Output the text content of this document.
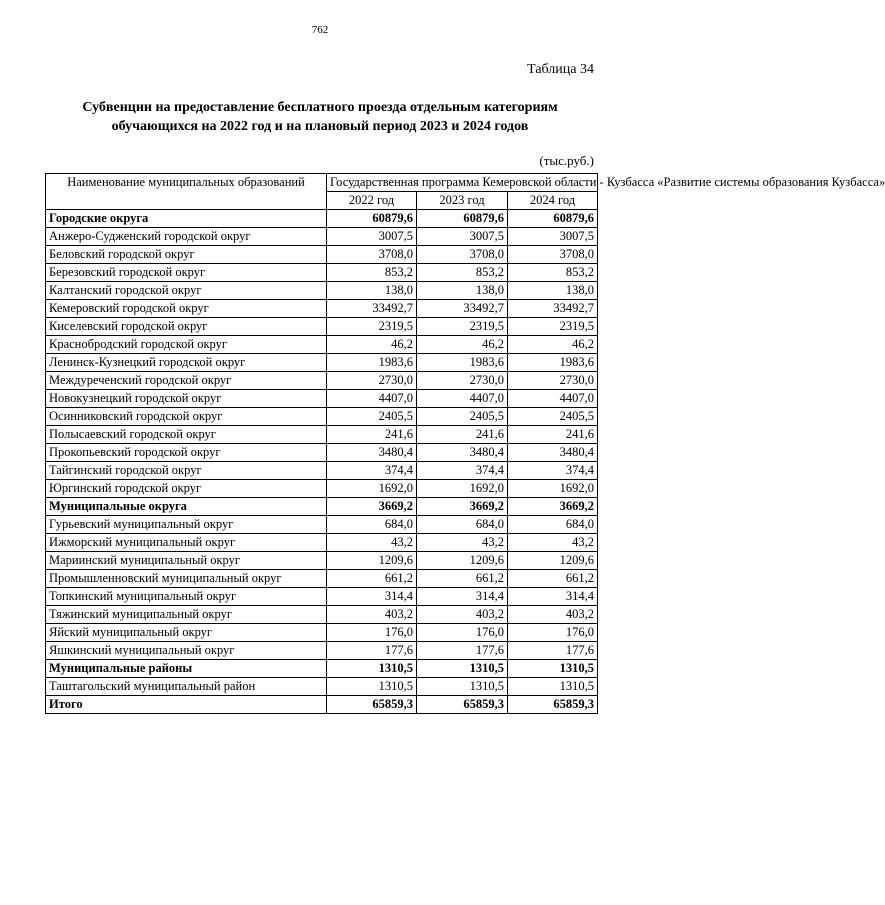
762
Таблица 34
Субвенции на предоставление бесплатного проезда отдельным категориям
обучающихся на 2022 год и на плановый период 2023 и 2024 годов
(тыс.руб.)
Наименование муниципальных образований	Государственная программа Кемеровской области - Кузбасса «Развитие системы образования Кузбасса»		
	2022 год	2023 год	2024 год
Городские округа	60879,6	60879,6	60879,6
Анжеро-Судженский городской округ	3007,5	3007,5	3007,5
Беловский городской округ	3708,0	3708,0	3708,0
Березовский городской округ	853,2	853,2	853,2
Калтанский городской округ	138,0	138,0	138,0
Кемеровский городской округ	33492,7	33492,7	33492,7
Киселевский городской округ	2319,5	2319,5	2319,5
Краснобродский городской округ	46,2	46,2	46,2
Ленинск-Кузнецкий городской округ	1983,6	1983,6	1983,6
Междуреченский городской округ	2730,0	2730,0	2730,0
Новокузнецкий городской округ	4407,0	4407,0	4407,0
Осинниковский городской округ	2405,5	2405,5	2405,5
Полысаевский городской округ	241,6	241,6	241,6
Прокопьевский городской округ	3480,4	3480,4	3480,4
Тайгинский городской округ	374,4	374,4	374,4
Юргинский городской округ	1692,0	1692,0	1692,0
Муниципальные округа	3669,2	3669,2	3669,2
Гурьевский муниципальный округ	684,0	684,0	684,0
Ижморский муниципальный округ	43,2	43,2	43,2
Мариинский муниципальный округ	1209,6	1209,6	1209,6
Промышленновский муниципальный округ	661,2	661,2	661,2
Топкинский муниципальный округ	314,4	314,4	314,4
Тяжинский муниципальный округ	403,2	403,2	403,2
Яйский муниципальный округ	176,0	176,0	176,0
Яшкинский муниципальный округ	177,6	177,6	177,6
Муниципальные районы	1310,5	1310,5	1310,5
Таштагольский муниципальный район	1310,5	1310,5	1310,5
Итого	65859,3	65859,3	65859,3
